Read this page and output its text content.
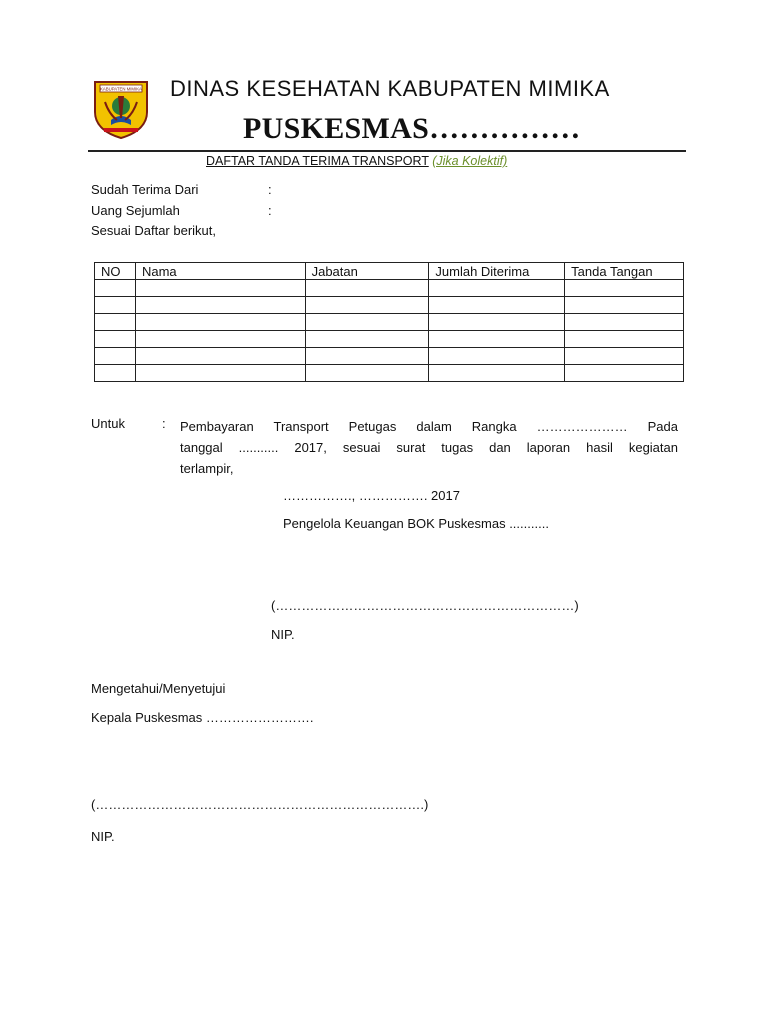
KABUPATEN MIMIKA DINAS KESEHATAN KABUPATEN MIMIKA
PUSKESMAS……………
DAFTAR TANDA TERIMA TRANSPORT (Jika Kolektif)
Sudah Terima Dari	:
Uang Sejumlah	:
Sesuai Daftar berikut,
NO	Nama	Jabatan	Jumlah Diterima	Tanda Tangan

Untuk	: Pembayaran Transport Petugas dalam Rangka ………………… Pada
tanggal ........... 2017, sesuai surat tugas dan laporan hasil kegiatan
terlampir,
……………., ……………. 2017
Pengelola Keuangan BOK Puskesmas ...........
(……………………………………………………………)
NIP.
Mengetahui/Menyetujui
Kepala Puskesmas …………………….
(………………………………………………………………….)
NIP.
